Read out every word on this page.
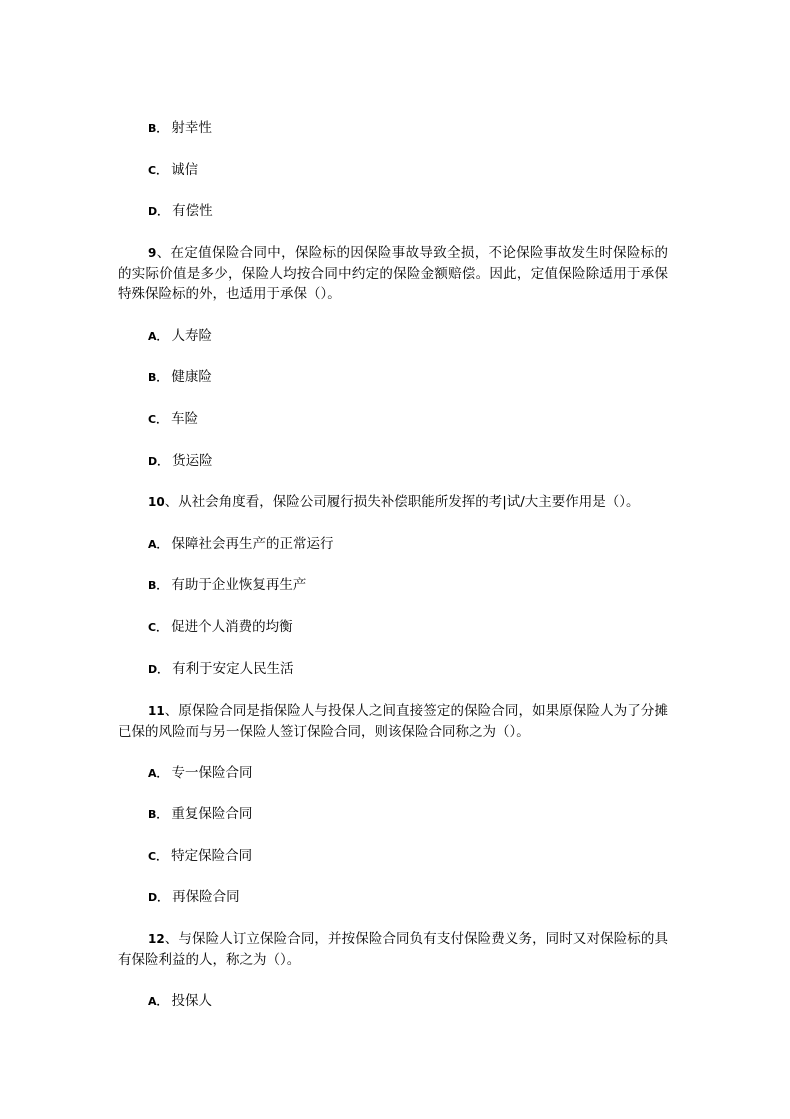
B． 射幸性
C． 诚信
D． 有偿性
9、在定值保险合同中，保险标的因保险事故导致全损，不论保险事故发生时保险标的的实际价值是多少，保险人均按合同中约定的保险金额赔偿。因此，定值保险除适用于承保特殊保险标的外，也适用于承保（）。
A． 人寿险
B． 健康险
C． 车险
D． 货运险
10、从社会角度看，保险公司履行损失补偿职能所发挥的考|试/大主要作用是（）。
A． 保障社会再生产的正常运行
B． 有助于企业恢复再生产
C． 促进个人消费的均衡
D． 有利于安定人民生活
11、原保险合同是指保险人与投保人之间直接签定的保险合同，如果原保险人为了分摊已保的风险而与另一保险人签订保险合同，则该保险合同称之为（）。
A． 专一保险合同
B． 重复保险合同
C． 特定保险合同
D． 再保险合同
12、与保险人订立保险合同，并按保险合同负有支付保险费义务，同时又对保险标的具有保险利益的人，称之为（）。
A． 投保人
